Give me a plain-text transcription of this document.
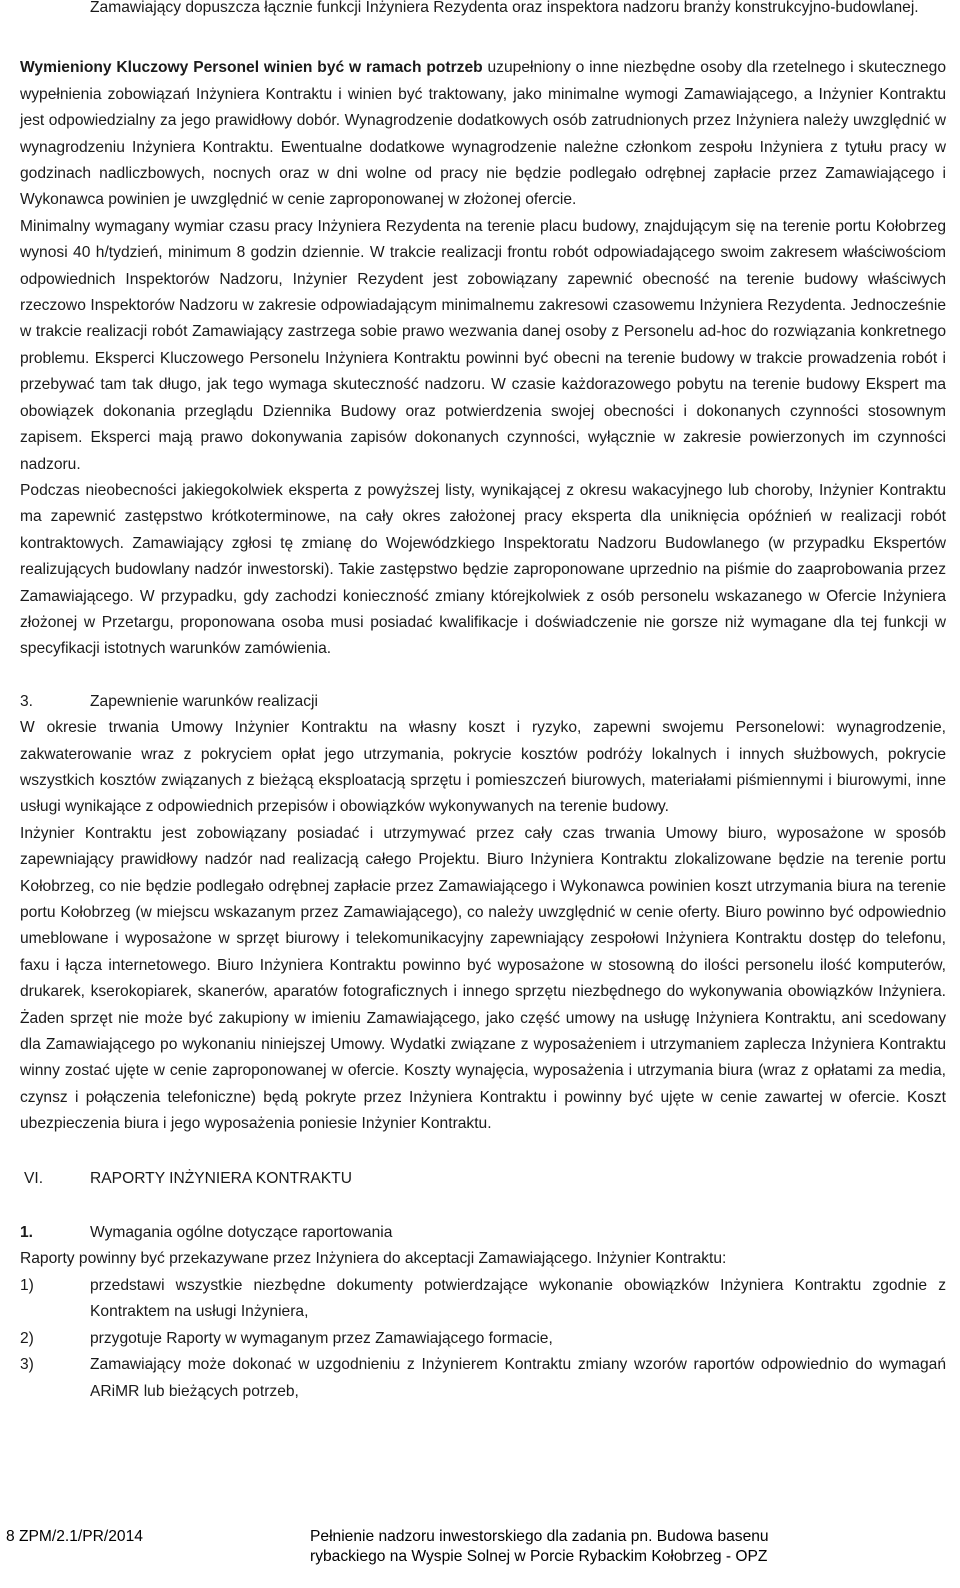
Zamawiający dopuszcza łącznie funkcji Inżyniera Rezydenta oraz inspektora nadzoru branży konstrukcyjno-budowlanej.

Wymieniony Kluczowy Personel winien być w ramach potrzeb uzupełniony o inne niezbędne osoby dla rzetelnego i skutecznego wypełnienia zobowiązań Inżyniera Kontraktu i winien być traktowany, jako minimalne wymogi Zamawiającego, a Inżynier Kontraktu jest odpowiedzialny za jego prawidłowy dobór. Wynagrodzenie dodatkowych osób zatrudnionych przez Inżyniera należy uwzględnić w wynagrodzeniu Inżyniera Kontraktu. Ewentualne dodatkowe wynagrodzenie należne członkom zespołu Inżyniera z tytułu pracy w godzinach nadliczbowych, nocnych oraz w dni wolne od pracy nie będzie podlegało odrębnej zapłacie przez Zamawiającego i Wykonawca powinien je uwzględnić w cenie zaproponowanej w złożonej ofercie.

Minimalny wymagany wymiar czasu pracy Inżyniera Rezydenta na terenie placu budowy, znajdującym się na terenie portu Kołobrzeg wynosi 40 h/tydzień, minimum 8 godzin dziennie. W trakcie realizacji frontu robót odpowiadającego swoim zakresem właściwościom odpowiednich Inspektorów Nadzoru, Inżynier Rezydent jest zobowiązany zapewnić obecność na terenie budowy właściwych rzeczowo Inspektorów Nadzoru w zakresie odpowiadającym minimalnemu zakresowi czasowemu Inżyniera Rezydenta. Jednocześnie w trakcie realizacji robót Zamawiający zastrzega sobie prawo wezwania danej osoby z Personelu ad-hoc do rozwiązania konkretnego problemu. Eksperci Kluczowego Personelu Inżyniera Kontraktu powinni być obecni na terenie budowy w trakcie prowadzenia robót i przebywać tam tak długo, jak tego wymaga skuteczność nadzoru. W czasie każdorazowego pobytu na terenie budowy Ekspert ma obowiązek dokonania przeglądu Dziennika Budowy oraz potwierdzenia swojej obecności i dokonanych czynności stosownym zapisem. Eksperci mają prawo dokonywania zapisów dokonanych czynności, wyłącznie w zakresie powierzonych im czynności nadzoru.

Podczas nieobecności jakiegokolwiek eksperta z powyższej listy, wynikającej z okresu wakacyjnego lub choroby, Inżynier Kontraktu ma zapewnić zastępstwo krótkoterminowe, na cały okres założonej pracy eksperta dla uniknięcia opóźnień w realizacji robót kontraktowych. Zamawiający zgłosi tę zmianę do Wojewódzkiego Inspektoratu Nadzoru Budowlanego (w przypadku Ekspertów realizujących budowlany nadzór inwestorski). Takie zastępstwo będzie zaproponowane uprzednio na piśmie do zaaprobowania przez Zamawiającego. W przypadku, gdy zachodzi konieczność zmiany którejkolwiek z osób personelu wskazanego w Ofercie Inżyniera złożonej w Przetargu, proponowana osoba musi posiadać kwalifikacje i doświadczenie nie gorsze niż wymagane dla tej funkcji w specyfikacji istotnych warunków zamówienia.

3.	Zapewnienie warunków realizacji

W okresie trwania Umowy Inżynier Kontraktu na własny koszt i ryzyko, zapewni swojemu Personelowi: wynagrodzenie, zakwaterowanie wraz z pokryciem opłat jego utrzymania, pokrycie kosztów podróży lokalnych i innych służbowych, pokrycie wszystkich kosztów związanych z bieżącą eksploatacją sprzętu i pomieszczeń biurowych, materiałami piśmiennymi i biurowymi, inne usługi wynikające z odpowiednich przepisów i obowiązków wykonywanych na terenie budowy.

Inżynier Kontraktu jest zobowiązany posiadać i utrzymywać przez cały czas trwania Umowy biuro, wyposażone w sposób zapewniający prawidłowy nadzór nad realizacją całego Projektu. Biuro Inżyniera Kontraktu zlokalizowane będzie na terenie portu Kołobrzeg, co nie będzie podlegało odrębnej zapłacie przez Zamawiającego i Wykonawca powinien koszt utrzymania biura na terenie portu Kołobrzeg (w miejscu wskazanym przez Zamawiającego), co należy uwzględnić w cenie oferty. Biuro powinno być odpowiednio umeblowane i wyposażone w sprzęt biurowy i telekomunikacyjny zapewniający zespołowi Inżyniera Kontraktu dostęp do telefonu, faxu i łącza internetowego. Biuro Inżyniera Kontraktu powinno być wyposażone w stosowną do ilości personelu ilość komputerów, drukarek, kserokopiarek, skanerów, aparatów fotograficznych i innego sprzętu niezbędnego do wykonywania obowiązków Inżyniera. Żaden sprzęt nie może być zakupiony w imieniu Zamawiającego, jako część umowy na usługę Inżyniera Kontraktu, ani scedowany dla Zamawiającego po wykonaniu niniejszej Umowy. Wydatki związane z wyposażeniem i utrzymaniem zaplecza Inżyniera Kontraktu winny zostać ujęte w cenie zaproponowanej w ofercie. Koszty wynajęcia, wyposażenia i utrzymania biura (wraz z opłatami za media, czynsz i połączenia telefoniczne) będą pokryte przez Inżyniera Kontraktu i powinny być ujęte w cenie zawartej w ofercie. Koszt ubezpieczenia biura i jego wyposażenia poniesie Inżynier Kontraktu.

VI.	RAPORTY INŻYNIERA KONTRAKTU
1.	Wymagania ogólne dotyczące raportowania

Raporty powinny być przekazywane przez Inżyniera do akceptacji Zamawiającego. Inżynier Kontraktu:

1)	przedstawi wszystkie niezbędne dokumenty potwierdzające wykonanie obowiązków Inżyniera Kontraktu zgodnie z Kontraktem na usługi Inżyniera,
2)	przygotuje Raporty w wymaganym przez Zamawiającego formacie,
3)	Zamawiający może dokonać w uzgodnieniu z Inżynierem Kontraktu zmiany wzorów raportów odpowiednio do wymagań ARiMR lub bieżących potrzeb,
8 ZPM/2.1/PR/2014	Pełnienie nadzoru inwestorskiego dla zadania pn. Budowa basenu
rybackiego na Wyspie Solnej w Porcie Rybackim Kołobrzeg - OPZ
